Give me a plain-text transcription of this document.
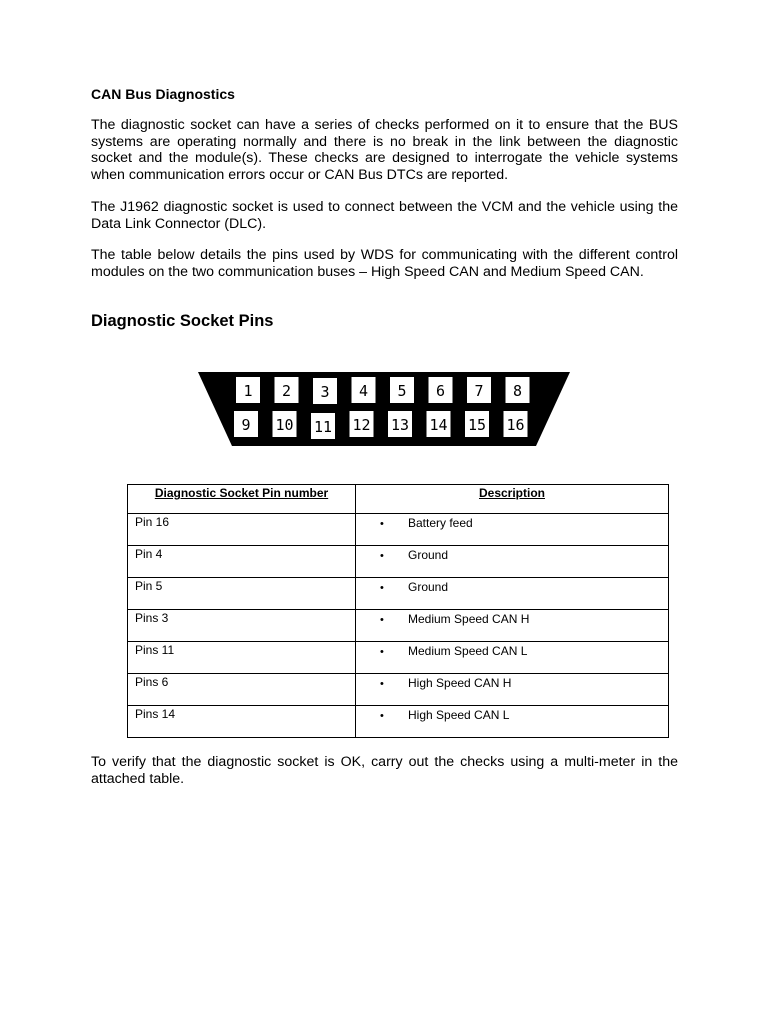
CAN Bus Diagnostics
The diagnostic socket can have a series of checks performed on it to ensure that the BUS systems are operating normally and there is no break in the link between the diagnostic socket and the module(s). These checks are designed to interrogate the vehicle systems when communication errors occur or CAN Bus DTCs are reported.
The J1962 diagnostic socket is used to connect between the VCM and the vehicle using the Data Link Connector (DLC).
The table below details the pins used by WDS for communicating with the different control modules on the two communication buses – High Speed CAN and Medium Speed CAN.
Diagnostic Socket Pins
1 2 3 4 5 6 7 8
9 10 11 12 13 14 15 16
Diagnostic Socket Pin number	Description
Pin 16	• Battery feed
Pin 4	• Ground
Pin 5	• Ground
Pins 3	• Medium Speed CAN H
Pins 11	• Medium Speed CAN L
Pins 6	• High Speed CAN H
Pins 14	• High Speed CAN L
To verify that the diagnostic socket is OK, carry out the checks using a multi-meter in the attached table.
